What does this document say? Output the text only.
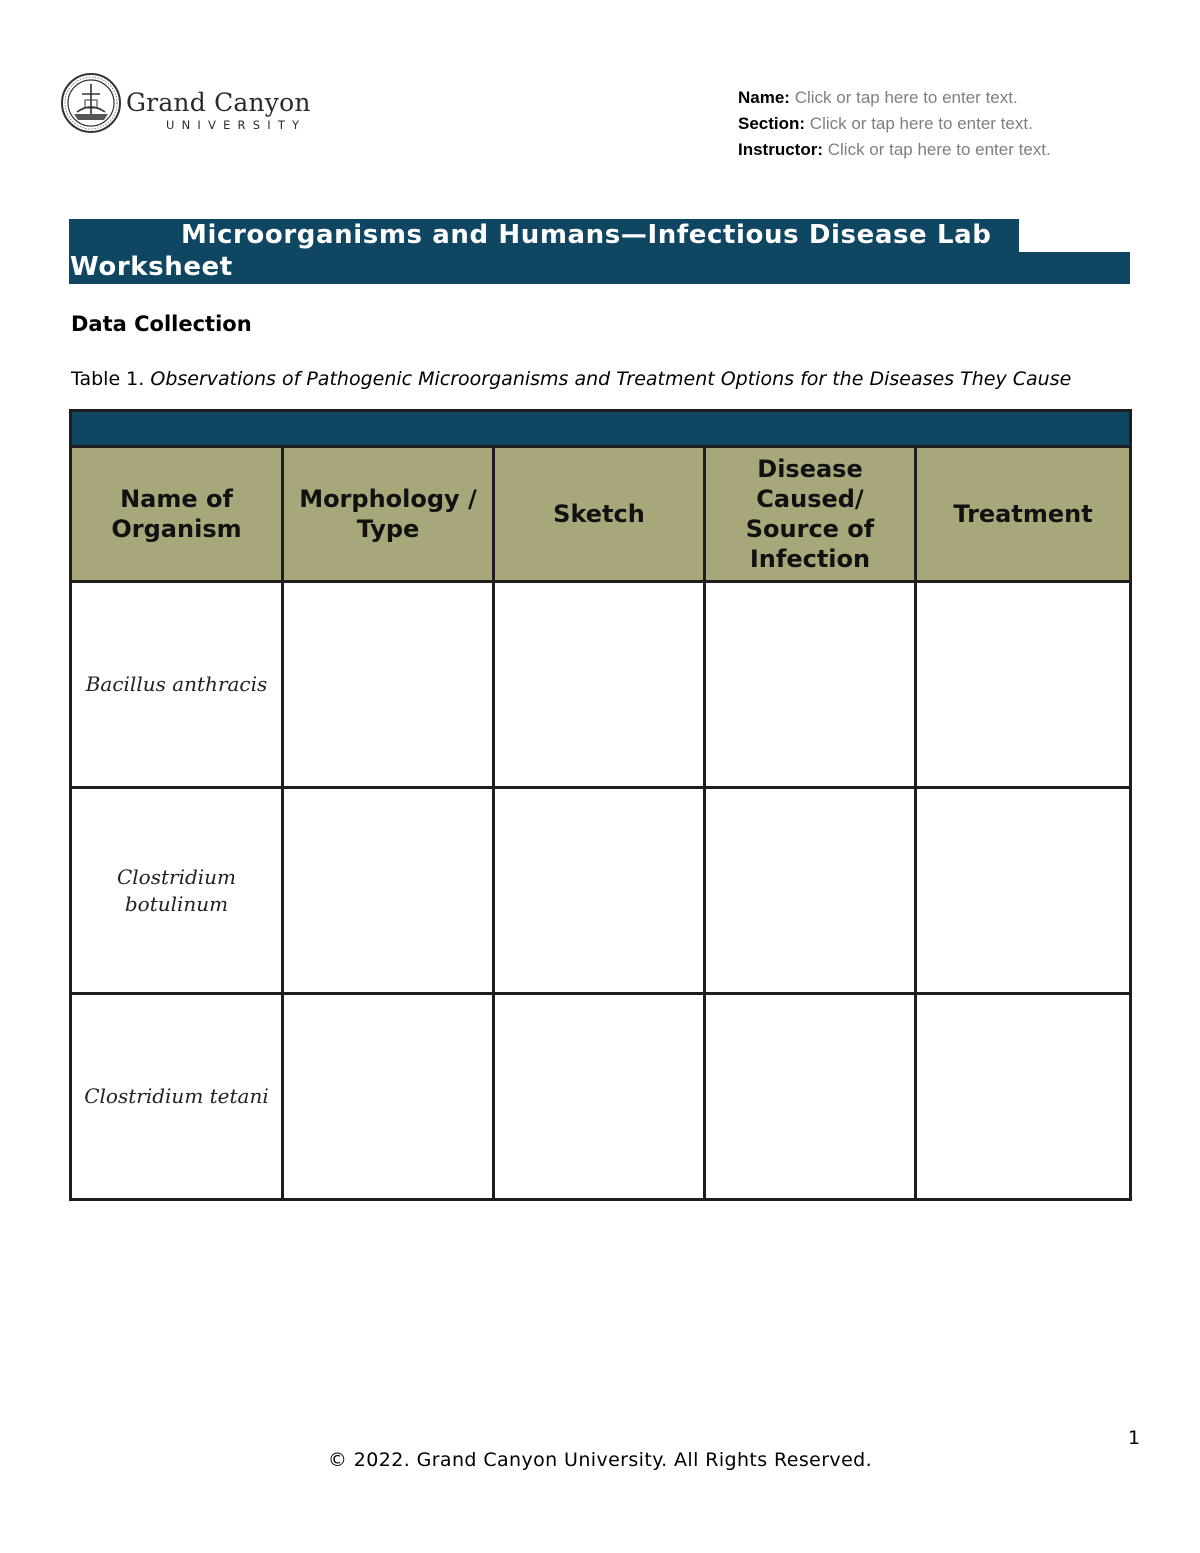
Grand Canyon
UNIVERSITY
Name: Click or tap here to enter text.
Section: Click or tap here to enter text.
Instructor: Click or tap here to enter text.
Microorganisms and Humans—Infectious Disease Lab
Worksheet
Data Collection
Table 1. Observations of Pathogenic Microorganisms and Treatment Options for the Diseases They Cause

Name of Organism	Morphology / Type	Sketch	Disease Caused/ Source of Infection	Treatment
Bacillus anthracis				
Clostridium botulinum				
Clostridium tetani				
1
© 2022. Grand Canyon University. All Rights Reserved.
